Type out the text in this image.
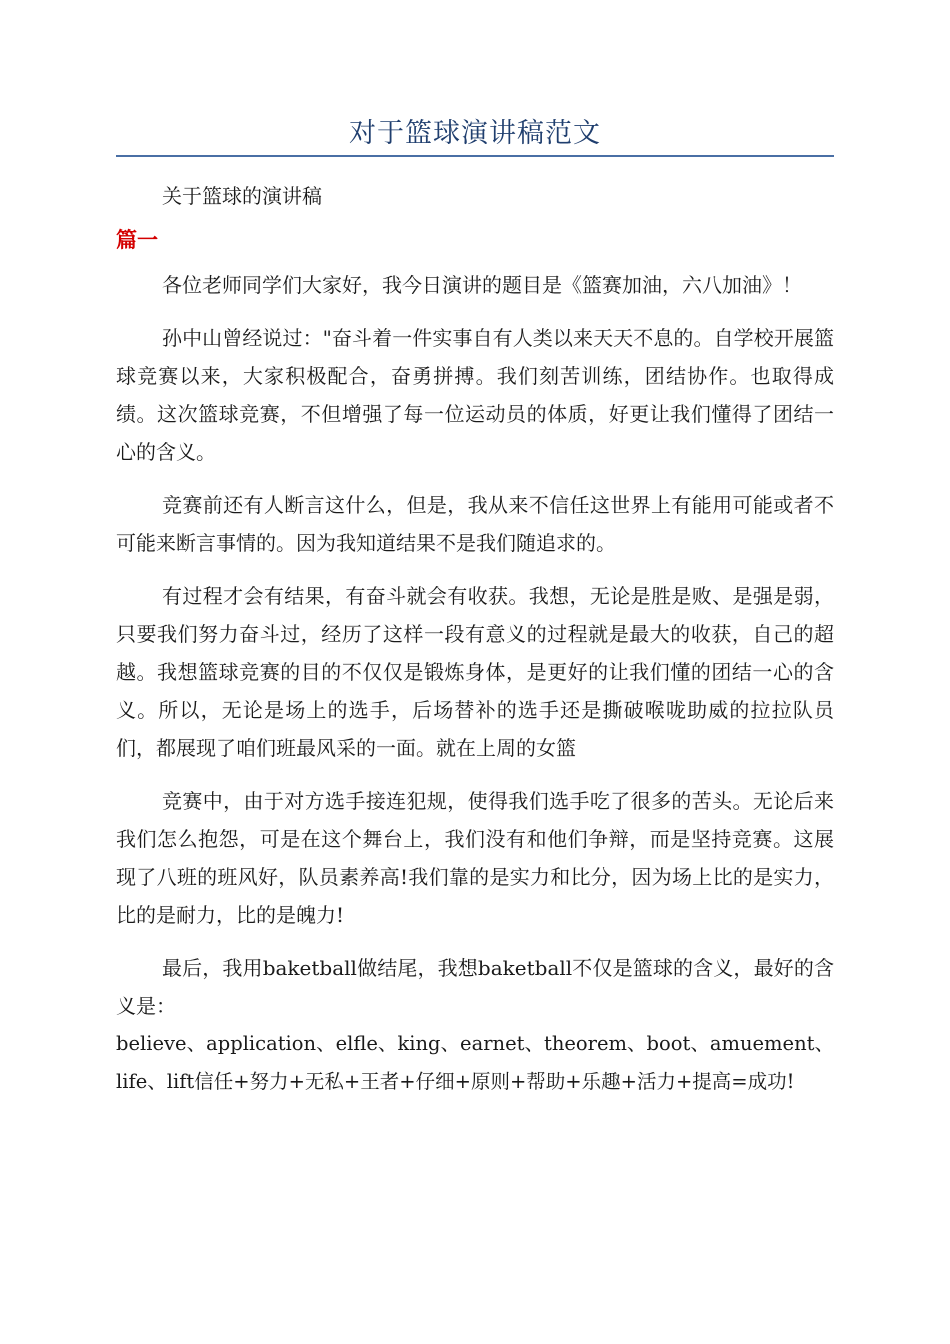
对于篮球演讲稿范文

关于篮球的演讲稿

篇一

各位老师同学们大家好，我今日演讲的题目是《篮赛加油，六八加油》！

孙中山曾经说过："奋斗着一件实事自有人类以来天天不息的。自学校开展篮球竞赛以来，大家积极配合，奋勇拼搏。我们刻苦训练，团结协作。也取得成绩。这次篮球竞赛，不但增强了每一位运动员的体质，好更让我们懂得了团结一心的含义。

竞赛前还有人断言这什么，但是，我从来不信任这世界上有能用可能或者不可能来断言事情的。因为我知道结果不是我们随追求的。

有过程才会有结果，有奋斗就会有收获。我想，无论是胜是败、是强是弱，只要我们努力奋斗过，经历了这样一段有意义的过程就是最大的收获，自己的超越。我想篮球竞赛的目的不仅仅是锻炼身体，是更好的让我们懂的团结一心的含义。所以，无论是场上的选手，后场替补的选手还是撕破喉咙助威的拉拉队员们，都展现了咱们班最风采的一面。就在上周的女篮

竞赛中，由于对方选手接连犯规，使得我们选手吃了很多的苦头。无论后来我们怎么抱怨，可是在这个舞台上，我们没有和他们争辩，而是坚持竞赛。这展现了八班的班风好，队员素养高!我们靠的是实力和比分，因为场上比的是实力，比的是耐力，比的是魄力!

最后，我用baketball做结尾，我想baketball不仅是篮球的含义，最好的含义是：

believe、application、elfle、king、earnet、theorem、boot、amuement、life、lift信任+努力+无私+王者+仔细+原则+帮助+乐趣+活力+提高=成功!
